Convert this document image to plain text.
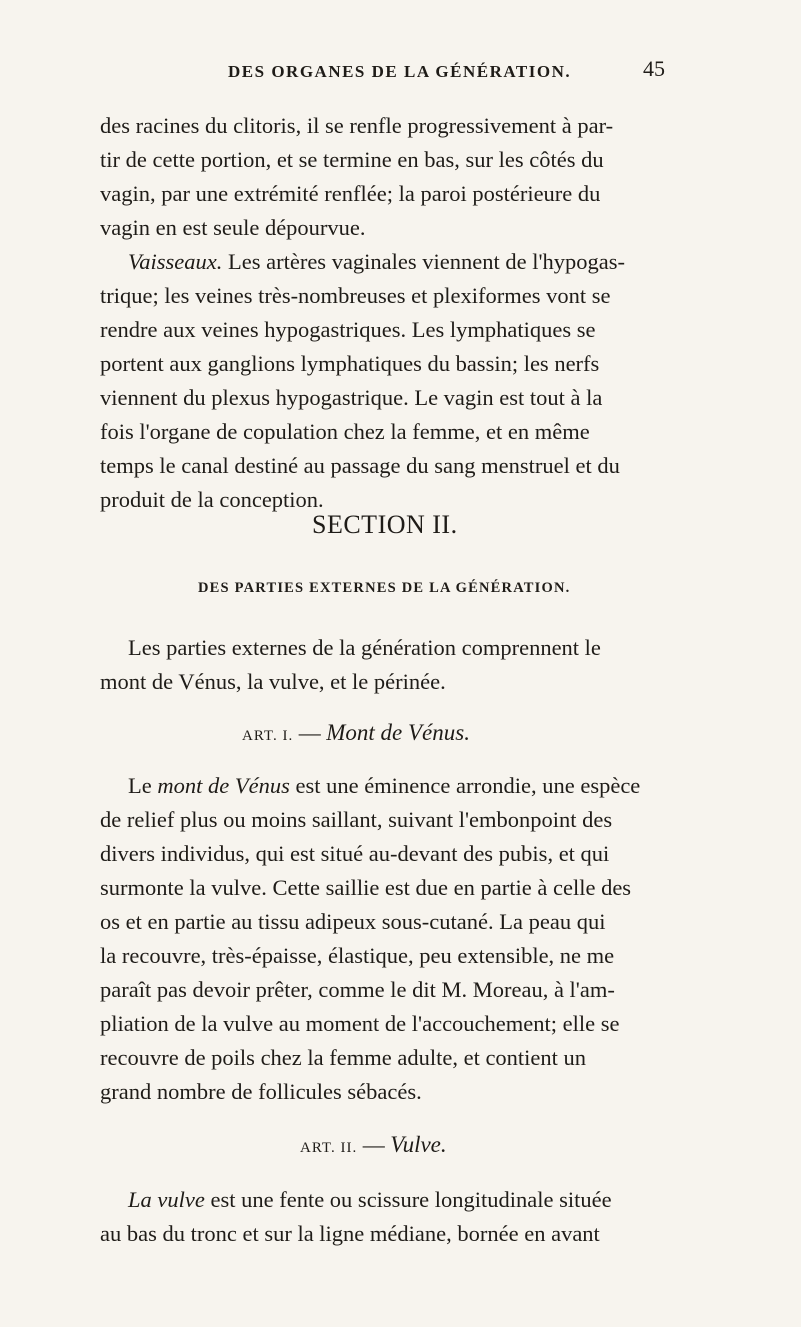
DES ORGANES DE LA GÉNÉRATION.	45
des racines du clitoris, il se renfle progressivement à par-
tir de cette portion, et se termine en bas, sur les côtés du
vagin, par une extrémité renflée; la paroi postérieure du
vagin en est seule dépourvue.
Vaisseaux. Les artères vaginales viennent de l'hypogas-
trique; les veines très-nombreuses et plexiformes vont se
rendre aux veines hypogastriques. Les lymphatiques se
portent aux ganglions lymphatiques du bassin; les nerfs
viennent du plexus hypogastrique. Le vagin est tout à la
fois l'organe de copulation chez la femme, et en même
temps le canal destiné au passage du sang menstruel et du
produit de la conception.
SECTION II.
DES PARTIES EXTERNES DE LA GÉNÉRATION.
Les parties externes de la génération comprennent le
mont de Vénus, la vulve, et le périnée.
ART. I. — Mont de Vénus.
Le mont de Vénus est une éminence arrondie, une espèce
de relief plus ou moins saillant, suivant l'embonpoint des
divers individus, qui est situé au-devant des pubis, et qui
surmonte la vulve. Cette saillie est due en partie à celle des
os et en partie au tissu adipeux sous-cutané. La peau qui
la recouvre, très-épaisse, élastique, peu extensible, ne me
paraît pas devoir prêter, comme le dit M. Moreau, à l'am-
pliation de la vulve au moment de l'accouchement; elle se
recouvre de poils chez la femme adulte, et contient un
grand nombre de follicules sébacés.
ART. II. — Vulve.
La vulve est une fente ou scissure longitudinale située
au bas du tronc et sur la ligne médiane, bornée en avant
